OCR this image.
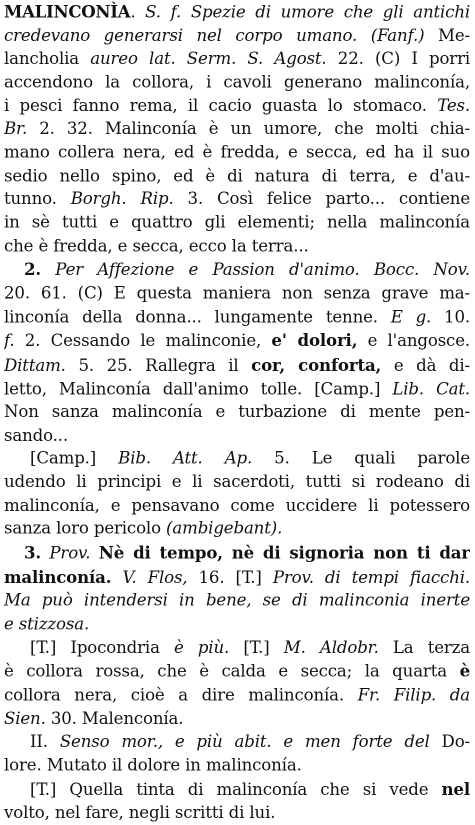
MALINCONÌA. S. f. Spezie di umore che gli antichi
credevano generarsi nel corpo umano. (Fanf.) Me-
lancholia aureo lat. Serm. S. Agost. 22. (C) I porri
accendono la collora, i cavoli generano malinconía,
i pesci fanno rema, il cacio guasta lo stomaco. Tes.
Br. 2. 32. Malinconía è un umore, che molti chia-
mano collera nera, ed è fredda, e secca, ed ha il suo
sedio nello spino, ed è di natura di terra, e d'au-
tunno. Borgh. Rip. 3. Così felice parto... contiene
in sè tutti e quattro gli elementi; nella malinconía
che è fredda, e secca, ecco la terra...
2. Per Affezione e Passion d'animo. Bocc. Nov.
20. 61. (C) E questa maniera non senza grave ma-
linconía della donna... lungamente tenne. E g. 10.
f. 2. Cessando le malinconie, e' dolori, e l'angosce.
Dittam. 5. 25. Rallegra il cor, conforta, e dà di-
letto, Malinconía dall'animo tolle. [Camp.] Lib. Cat.
Non sanza malinconía e turbazione di mente pen-
sando...
[Camp.] Bib. Att. Ap. 5. Le quali parole
udendo li principi e li sacerdoti, tutti si rodeano di
malinconía, e pensavano come uccidere li potessero
sanza loro pericolo (ambigebant).
3. Prov. Nè di tempo, nè di signoria non ti dar
malinconía. V. Flos, 16. [T.] Prov. di tempi fiacchi.
Ma può intendersi in bene, se di malinconia inerte
e stizzosa.
[T.] Ipocondria è più. [T.] M. Aldobr. La terza
è collora rossa, che è calda e secca; la quarta è
collora nera, cioè a dire malinconía. Fr. Filip. da
Sien. 30. Malenconía.
II. Senso mor., e più abit. e men forte del Do-
lore. Mutato il dolore in malinconía.
[T.] Quella tinta di malinconía che si vede nel
volto, nel fare, negli scritti di lui.
